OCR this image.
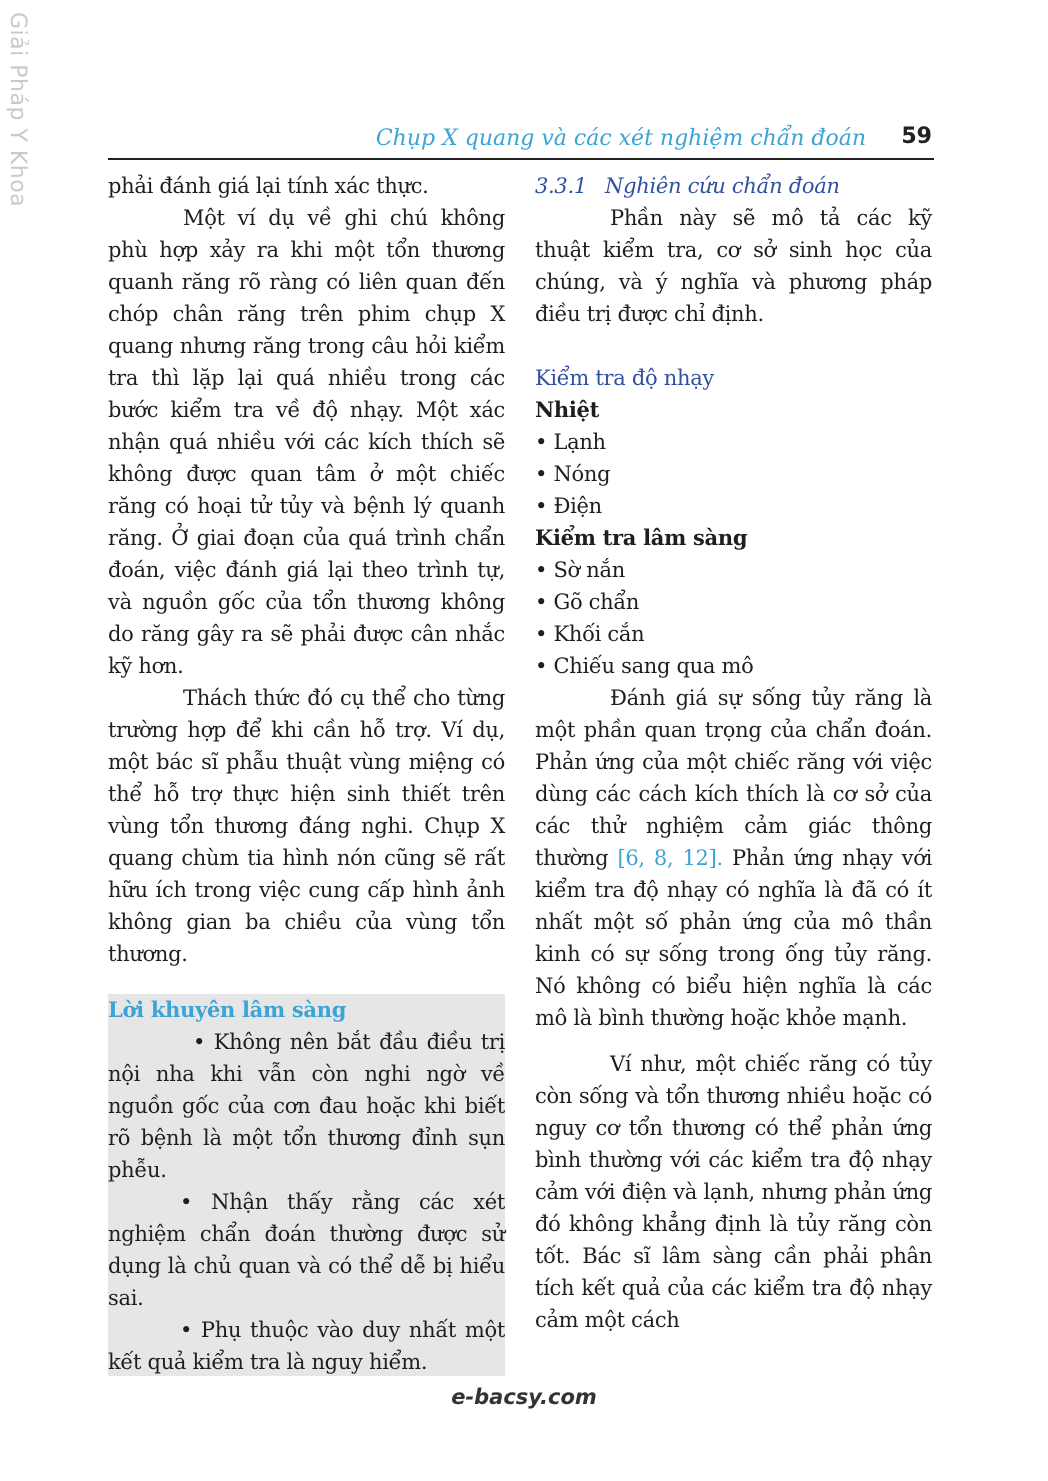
Giải Pháp Y Khoa	Chụp X quang và các xét nghiệm chẩn đoán 59

phải đánh giá lại tính xác thực.

Một ví dụ về ghi chú không phù hợp xảy ra khi một tổn thương quanh răng rõ ràng có liên quan đến chóp chân răng trên phim chụp X quang nhưng răng trong câu hỏi kiểm tra thì lặp lại quá nhiều trong các bước kiểm tra về độ nhạy. Một xác nhận quá nhiều với các kích thích sẽ không được quan tâm ở một chiếc răng có hoại tử tủy và bệnh lý quanh răng. Ở giai đoạn của quá trình chẩn đoán, việc đánh giá lại theo trình tự, và nguồn gốc của tổn thương không do răng gây ra sẽ phải được cân nhắc kỹ hơn.

Thách thức đó cụ thể cho từng trường hợp để khi cần hỗ trợ. Ví dụ, một bác sĩ phẫu thuật vùng miệng có thể hỗ trợ thực hiện sinh thiết trên vùng tổn thương đáng nghi. Chụp X quang chùm tia hình nón cũng sẽ rất hữu ích trong việc cung cấp hình ảnh không gian ba chiều của vùng tổn thương.

Lời khuyên lâm sàng

• Không nên bắt đầu điều trị nội nha khi vẫn còn nghi ngờ về nguồn gốc của cơn đau hoặc khi biết rõ bệnh là một tổn thương đỉnh sụn phễu.

• Nhận thấy rằng các xét nghiệm chẩn đoán thường được sử dụng là chủ quan và có thể dễ bị hiểu sai.

• Phụ thuộc vào duy nhất một kết quả kiểm tra là nguy hiểm.

3.3.1 Nghiên cứu chẩn đoán

Phần này sẽ mô tả các kỹ thuật kiểm tra, cơ sở sinh học của chúng, và ý nghĩa và phương pháp điều trị được chỉ định.

Kiểm tra độ nhạy

Nhiệt

• Lạnh
• Nóng
• Điện

Kiểm tra lâm sàng

• Sờ nắn
• Gõ chẩn
• Khối cắn
• Chiếu sang qua mô

Đánh giá sự sống tủy răng là một phần quan trọng của chẩn đoán. Phản ứng của một chiếc răng với việc dùng các cách kích thích là cơ sở của các thử nghiệm cảm giác thông thường [6, 8, 12]. Phản ứng nhạy với kiểm tra độ nhạy có nghĩa là đã có ít nhất một số phản ứng của mô thần kinh có sự sống trong ống tủy răng. Nó không có biểu hiện nghĩa là các mô là bình thường hoặc khỏe mạnh.

Ví như, một chiếc răng có tủy còn sống và tổn thương nhiều hoặc có nguy cơ tổn thương có thể phản ứng bình thường với các kiểm tra độ nhạy cảm với điện và lạnh, nhưng phản ứng đó không khẳng định là tủy răng còn tốt. Bác sĩ lâm sàng cần phải phân tích kết quả của các kiểm tra độ nhạy cảm một cách

e-bacsy.com
